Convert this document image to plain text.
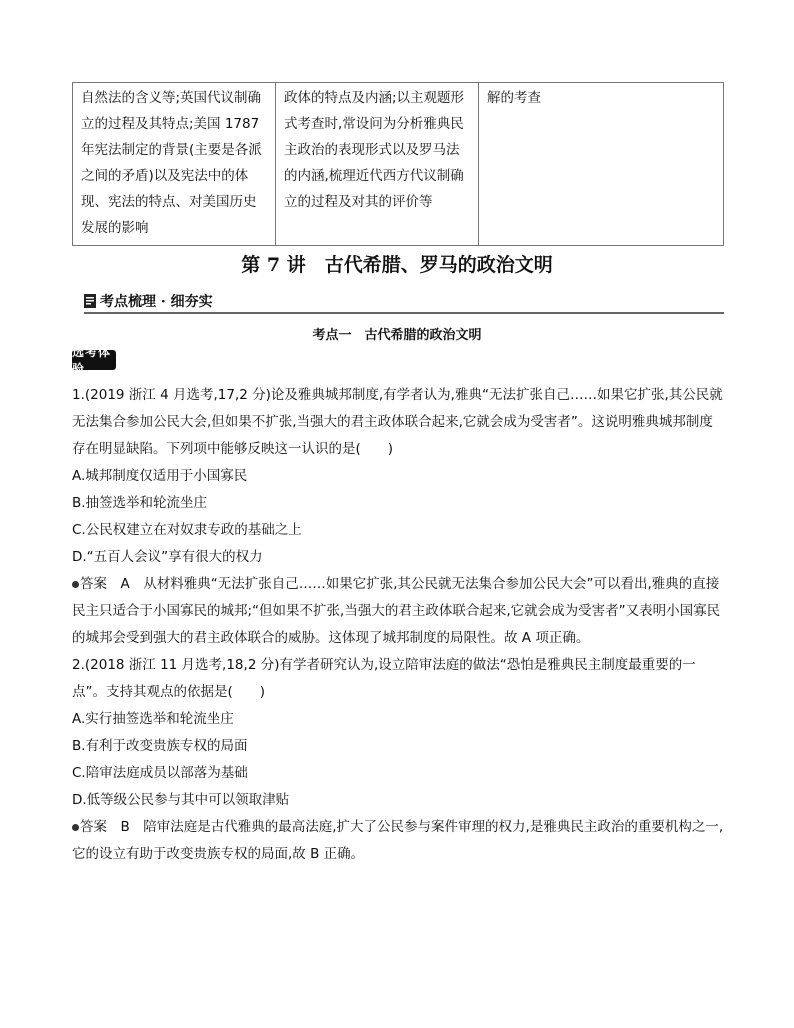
自然法的含义等;英国代议制确立的过程及其特点;美国 1787 年宪法制定的背景(主要是各派之间的矛盾)以及宪法中的体现、宪法的特点、对美国历史发展的影响
政体的特点及内涵;以主观题形式考查时,常设问为分析雅典民主政治的表现形式以及罗马法的内涵,梳理近代西方代议制确立的过程及对其的评价等
解的考查
第 7 讲　古代希腊、罗马的政治文明
考点梳理 · 细夯实
考点一　古代希腊的政治文明
选考体验

1.(2019 浙江 4 月选考,17,2 分)论及雅典城邦制度,有学者认为,雅典“无法扩张自己……如果它扩张,其公民就无法集合参加公民大会,但如果不扩张,当强大的君主政体联合起来,它就会成为受害者”。这说明雅典城邦制度存在明显缺陷。下列项中能够反映这一认识的是(　　)

A.城邦制度仅适用于小国寡民

B.抽签选举和轮流坐庄

C.公民权建立在对奴隶专政的基础之上

D.“五百人会议”享有很大的权力

答案　A　从材料雅典“无法扩张自己……如果它扩张,其公民就无法集合参加公民大会”可以看出,雅典的直接民主只适合于小国寡民的城邦;“但如果不扩张,当强大的君主政体联合起来,它就会成为受害者”又表明小国寡民的城邦会受到强大的君主政体联合的威胁。这体现了城邦制度的局限性。故 A 项正确。

2.(2018 浙江 11 月选考,18,2 分)有学者研究认为,设立陪审法庭的做法“恐怕是雅典民主制度最重要的一点”。支持其观点的依据是(　　)

A.实行抽签选举和轮流坐庄

B.有利于改变贵族专权的局面

C.陪审法庭成员以部落为基础

D.低等级公民参与其中可以领取津贴

答案　B　陪审法庭是古代雅典的最高法庭,扩大了公民参与案件审理的权力,是雅典民主政治的重要机构之一,它的设立有助于改变贵族专权的局面,故 B 正确。
